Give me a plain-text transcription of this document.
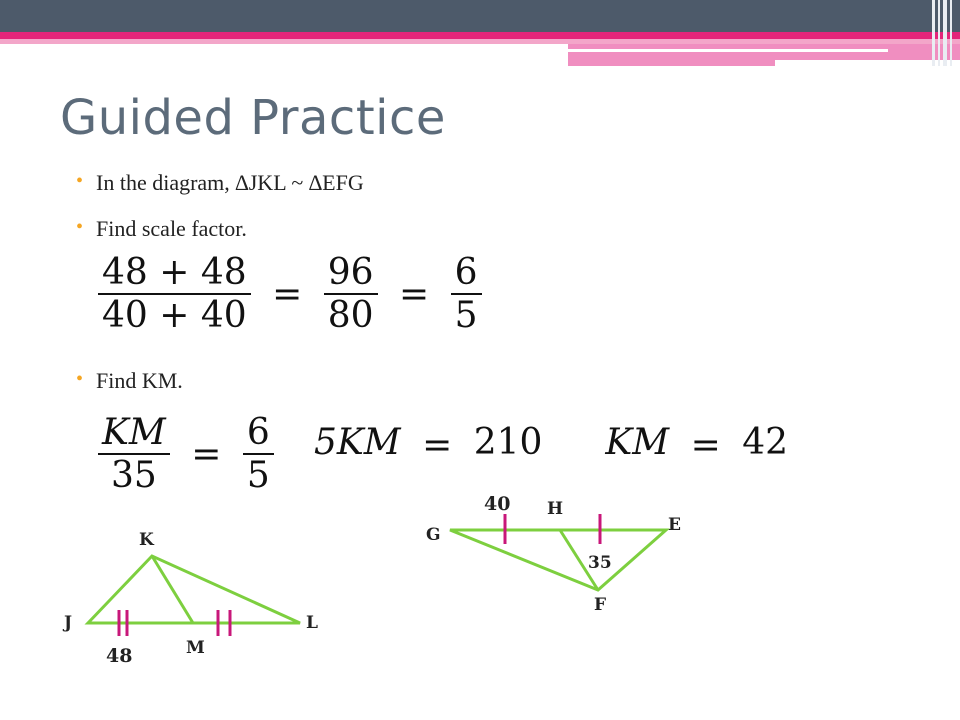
Guided Practice
• In the diagram, ∆JKL ~ ∆EFG
• Find scale factor.
$\frac{48 + 48}{40 + 40} = \frac{96}{80} = \frac{6}{5}$
• Find KM.
$\frac{KM}{35} = \frac{6}{5} 5KM = 210$ KM = 42
K
J	L
M
48
40 H
G	E
35
F
